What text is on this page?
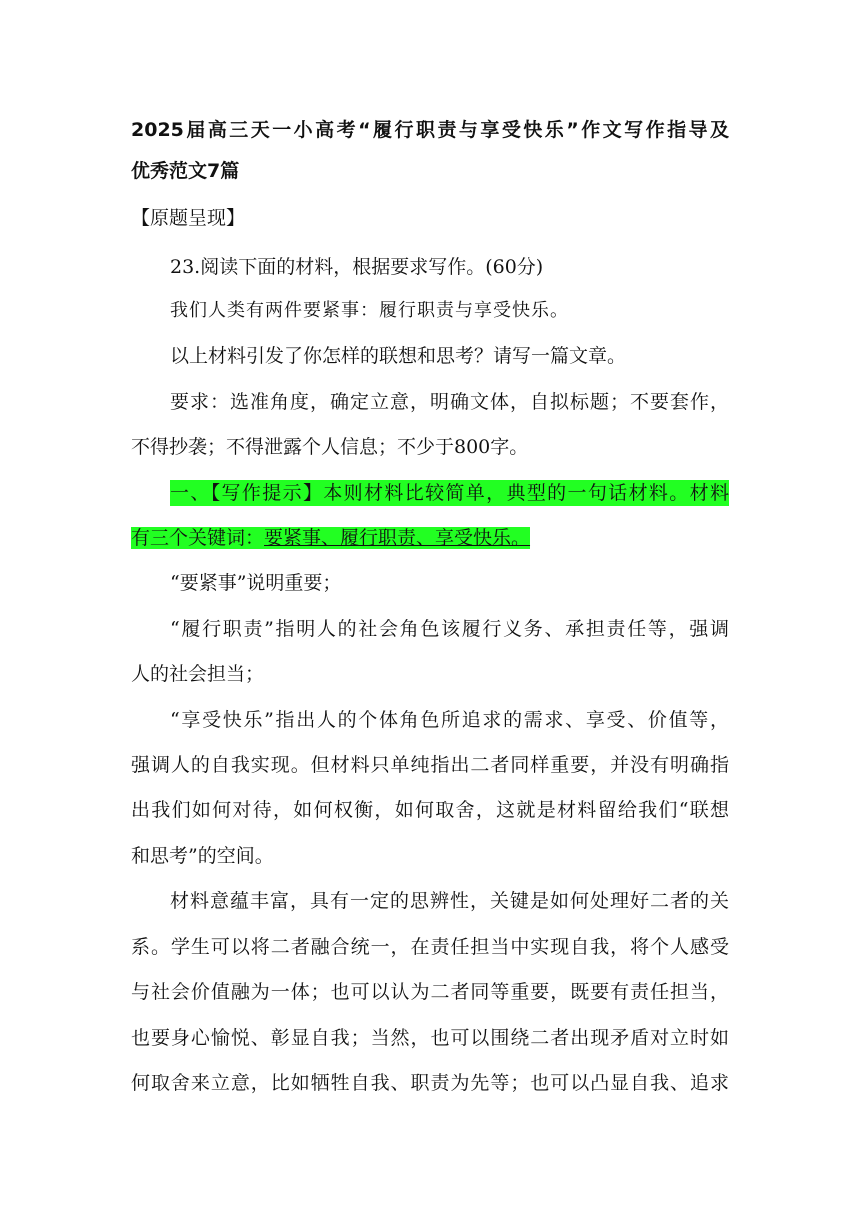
2025届高三天一小高考“履行职责与享受快乐”作文写作指导及
优秀范文7篇
【原题呈现】
23.阅读下面的材料，根据要求写作。(60分)
我们人类有两件要紧事：履行职责与享受快乐。
以上材料引发了你怎样的联想和思考？请写一篇文章。
要求：选准角度，确定立意，明确文体，自拟标题；不要套作，
不得抄袭；不得泄露个人信息；不少于800字。
一、【写作提示】本则材料比较简单，典型的一句话材料。材料
有三个关键词：要紧事、履行职责、享受快乐。
“要紧事”说明重要；
“履行职责”指明人的社会角色该履行义务、承担责任等，强调
人的社会担当；
“享受快乐”指出人的个体角色所追求的需求、享受、价值等，
强调人的自我实现。但材料只单纯指出二者同样重要，并没有明确指
出我们如何对待，如何权衡，如何取舍，这就是材料留给我们“联想
和思考”的空间。
材料意蕴丰富，具有一定的思辨性，关键是如何处理好二者的关
系。学生可以将二者融合统一，在责任担当中实现自我，将个人感受
与社会价值融为一体；也可以认为二者同等重要，既要有责任担当，
也要身心愉悦、彰显自我；当然，也可以围绕二者出现矛盾对立时如
何取舍来立意，比如牺牲自我、职责为先等；也可以凸显自我、追求
